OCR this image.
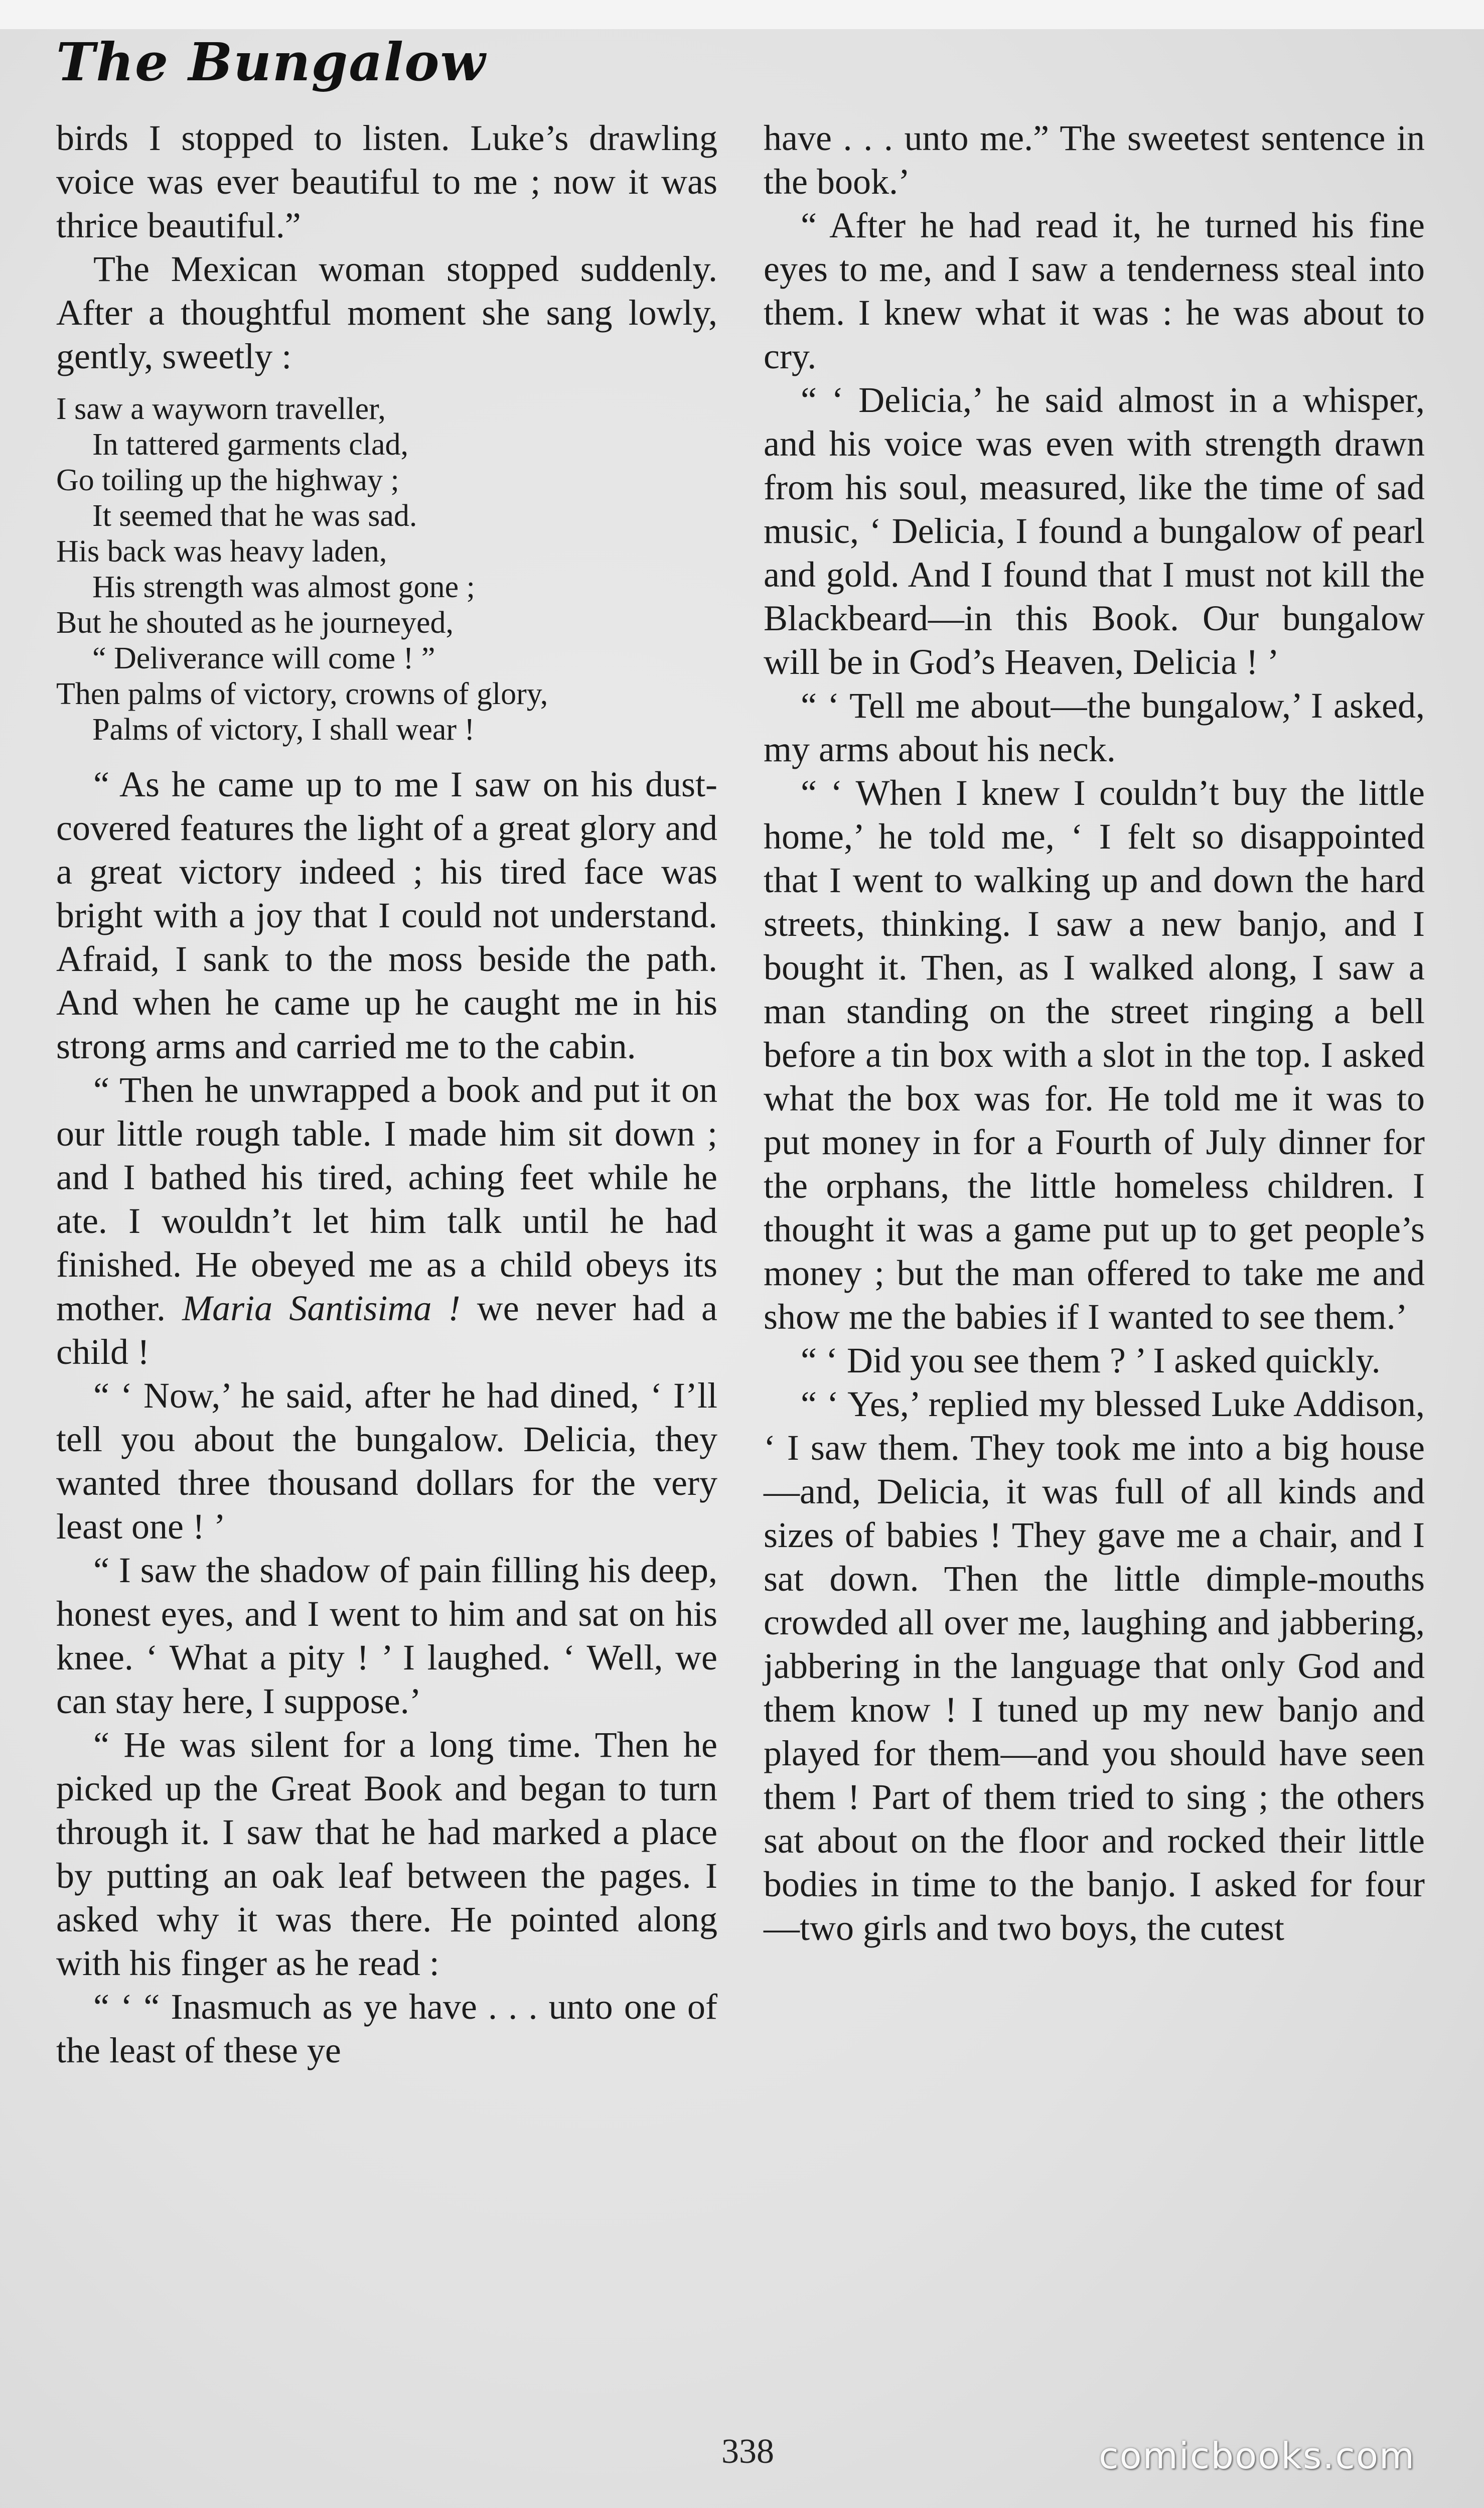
The Bungalow

birds I stopped to listen. Luke’s drawling voice was ever beautiful to me ; now it was thrice beautiful.”

The Mexican woman stopped suddenly. After a thoughtful moment she sang lowly, gently, sweetly :

I saw a wayworn traveller,
In tattered garments clad,
Go toiling up the highway ;
It seemed that he was sad.
His back was heavy laden,
His strength was almost gone ;
But he shouted as he journeyed,
“ Deliverance will come ! ”
Then palms of victory, crowns of glory,
Palms of victory, I shall wear !

“ As he came up to me I saw on his dust-covered features the light of a great glory and a great victory indeed ; his tired face was bright with a joy that I could not understand. Afraid, I sank to the moss beside the path. And when he came up he caught me in his strong arms and carried me to the cabin.

“ Then he unwrapped a book and put it on our little rough table. I made him sit down ; and I bathed his tired, aching feet while he ate. I wouldn’t let him talk until he had finished. He obeyed me as a child obeys its mother. Maria Santisima ! we never had a child !

“ ‘ Now,’ he said, after he had dined, ‘ I’ll tell you about the bungalow. Delicia, they wanted three thousand dollars for the very least one ! ’

“ I saw the shadow of pain filling his deep, honest eyes, and I went to him and sat on his knee. ‘ What a pity ! ’ I laughed. ‘ Well, we can stay here, I suppose.’

“ He was silent for a long time. Then he picked up the Great Book and began to turn through it. I saw that he had marked a place by putting an oak leaf between the pages. I asked why it was there. He pointed along with his finger as he read :

“ ‘ “ Inasmuch as ye have . . . unto one of the least of these ye

have . . . unto me.” The sweetest sentence in the book.’

“ After he had read it, he turned his fine eyes to me, and I saw a tenderness steal into them. I knew what it was : he was about to cry.

“ ‘ Delicia,’ he said almost in a whisper, and his voice was even with strength drawn from his soul, measured, like the time of sad music, ‘ Delicia, I found a bungalow of pearl and gold. And I found that I must not kill the Blackbeard—in this Book. Our bungalow will be in God’s Heaven, Delicia ! ’

“ ‘ Tell me about—the bungalow,’ I asked, my arms about his neck.

“ ‘ When I knew I couldn’t buy the little home,’ he told me, ‘ I felt so disappointed that I went to walking up and down the hard streets, thinking. I saw a new banjo, and I bought it. Then, as I walked along, I saw a man standing on the street ringing a bell before a tin box with a slot in the top. I asked what the box was for. He told me it was to put money in for a Fourth of July dinner for the orphans, the little homeless children. I thought it was a game put up to get people’s money ; but the man offered to take me and show me the babies if I wanted to see them.’

“ ‘ Did you see them ? ’ I asked quickly.

“ ‘ Yes,’ replied my blessed Luke Addison, ‘ I saw them. They took me into a big house—and, Delicia, it was full of all kinds and sizes of babies ! They gave me a chair, and I sat down. Then the little dimple-mouths crowded all over me, laughing and jabbering, jabbering in the language that only God and them know ! I tuned up my new banjo and played for them—and you should have seen them ! Part of them tried to sing ; the others sat about on the floor and rocked their little bodies in time to the banjo. I asked for four —two girls and two boys, the cutest

338	comicbooks.com
